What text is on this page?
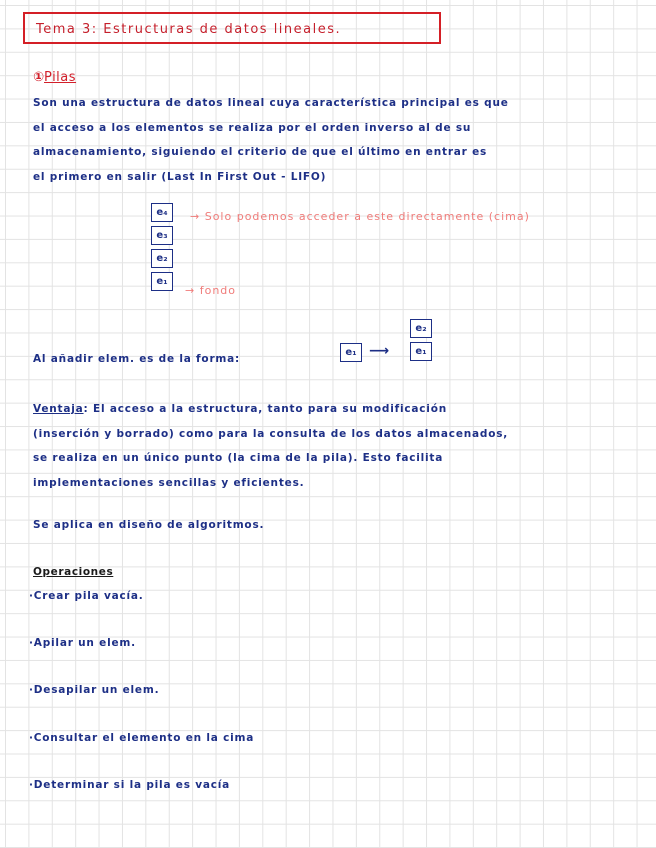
Tema 3: Estructuras de datos lineales.
①Pilas
Son una estructura de datos lineal cuya característica principal es que
el acceso a los elementos se realiza por el orden inverso al de su
almacenamiento, siguiendo el criterio de que el último en entrar es
el primero en salir (Last In First Out - LIFO)
e₄
e₃
e₂
e₁
→ Solo podemos acceder a este directamente (cima)
→ fondo
Al añadir elem. es de la forma:
e₁ ⟶
e₂
e₁
Ventaja: El acceso a la estructura, tanto para su modificación
(inserción y borrado) como para la consulta de los datos almacenados,
se realiza en un único punto (la cima de la pila). Esto facilita
implementaciones sencillas y eficientes.
Se aplica en diseño de algoritmos.
Operaciones
·Crear pila vacía.
·Apilar un elem.
·Desapilar un elem.
·Consultar el elemento en la cima
·Determinar si la pila es vacía
